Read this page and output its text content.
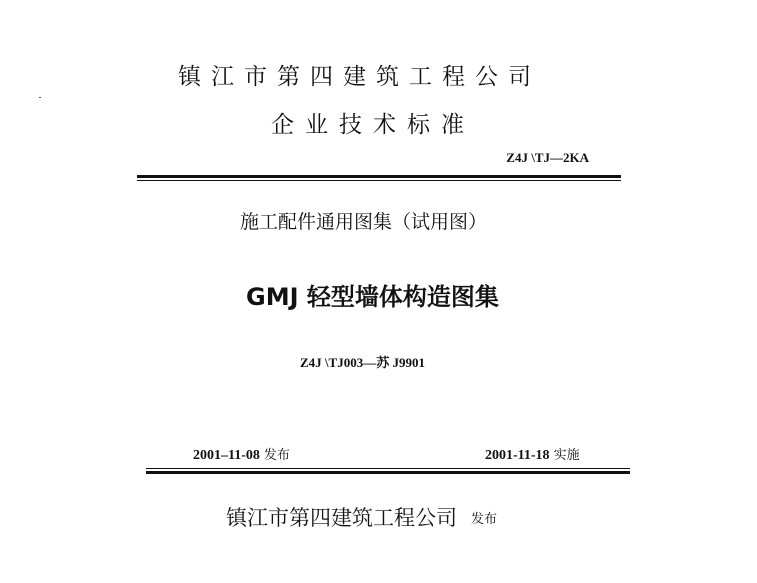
镇江市第四建筑工程公司
企业技术标准
Z4J \TJ—2KA
施工配件通用图集（试用图）
GMJ 轻型墙体构造图集
Z4J \TJ003—苏 J9901
2001–11-08 发布	2001-11-18 实施
镇江市第四建筑工程公司 发布
